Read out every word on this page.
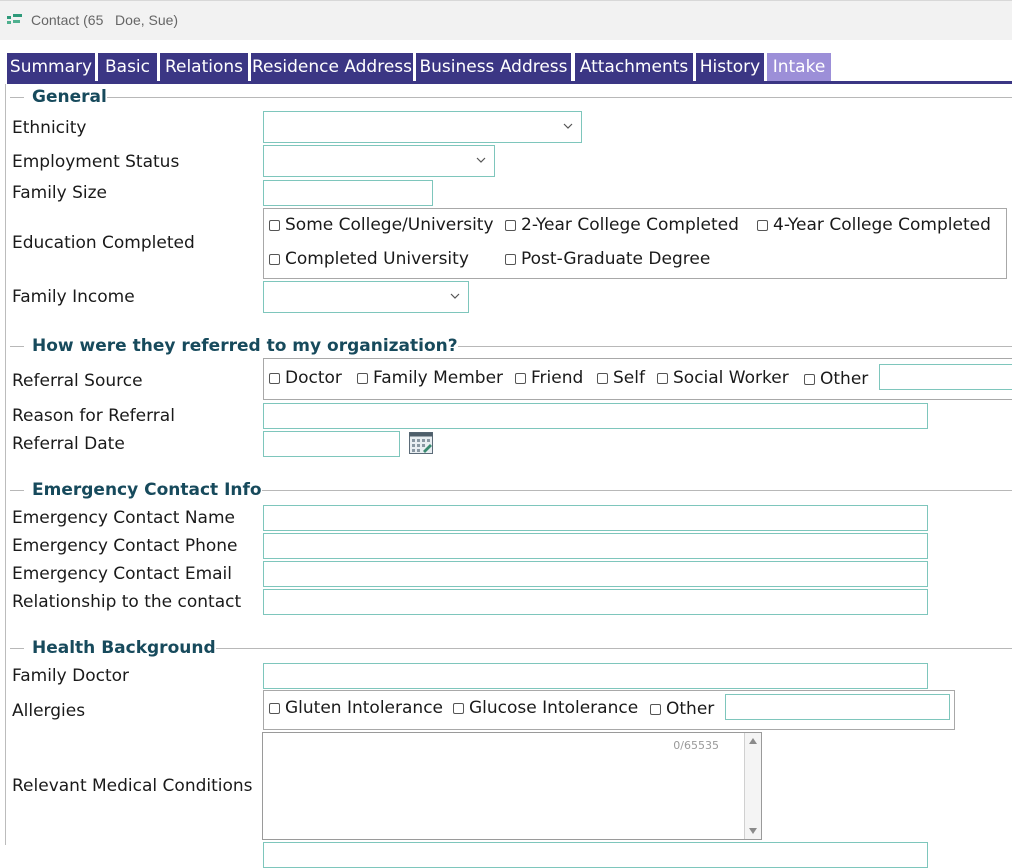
Contact (65   Doe, Sue)
Summary Basic Relations Residence Address Business Address Attachments History Intake
General
Ethnicity
Employment Status
Family Size
Education Completed
Some College/University 2-Year College Completed 4-Year College Completed
Completed University	Post-Graduate Degree
Family Income
How were they referred to my organization?
Referral Source	Doctor Family Member Friend Self Social Worker Other
Reason for Referral
Referral Date
Emergency Contact Info
Emergency Contact Name
Emergency Contact Phone
Emergency Contact Email
Relationship to the contact
Health Background
Family Doctor
Allergies	Gluten Intolerance Glucose Intolerance Other
Relevant Medical Conditions
0/65535
